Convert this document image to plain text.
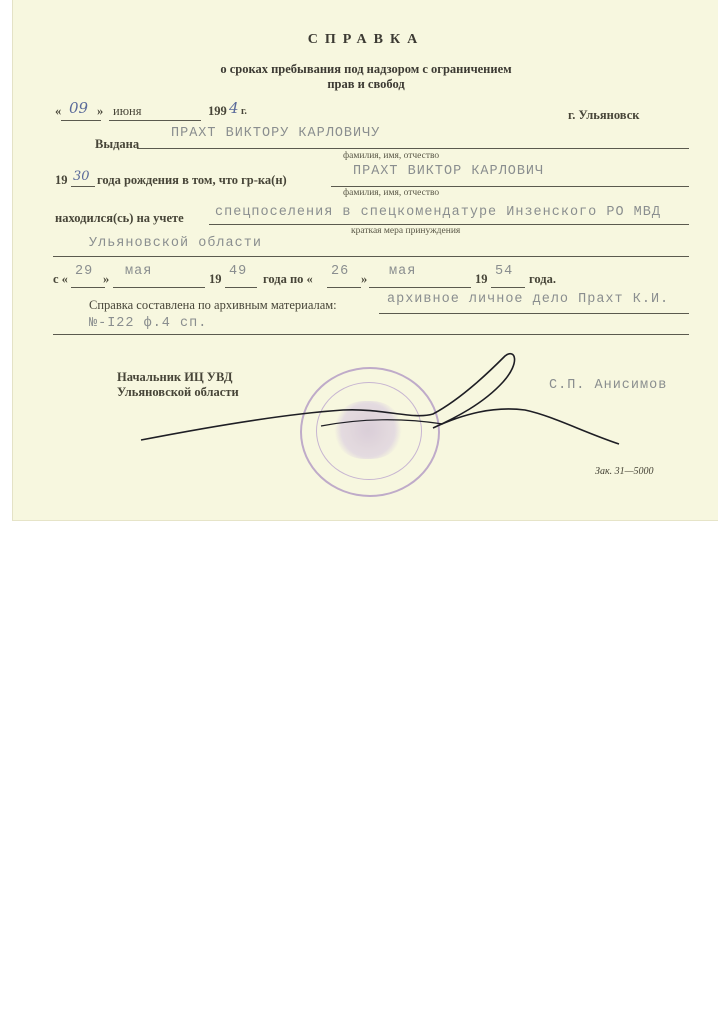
СПРАВКА
о сроках пребывания под надзором с ограничением
прав и свобод
« 09 » июня	199 4 г.	г. Ульяновск
Выдана
ПРАХТ ВИКТОРУ КАРЛОВИЧУ
фамилия, имя, отчество
19 30 года рождения в том, что гр-ка(н)
ПРАХТ ВИКТОР КАРЛОВИЧ
фамилия, имя, отчество
находился(сь) на учете спецпоселения в спецкомендатуре Инзенского РО МВД
краткая мера принуждения
Ульяновской области
с « 29 » мая	19 49 года по « 26 » мая	19 54 года.
Справка составлена по архивным материалам:	архивное личное дело Прахт К.И.
№-I22 ф.4 сп.
Начальник ИЦ УВД
Ульяновской области	С.П. Анисимов
Зак. 31—5000
